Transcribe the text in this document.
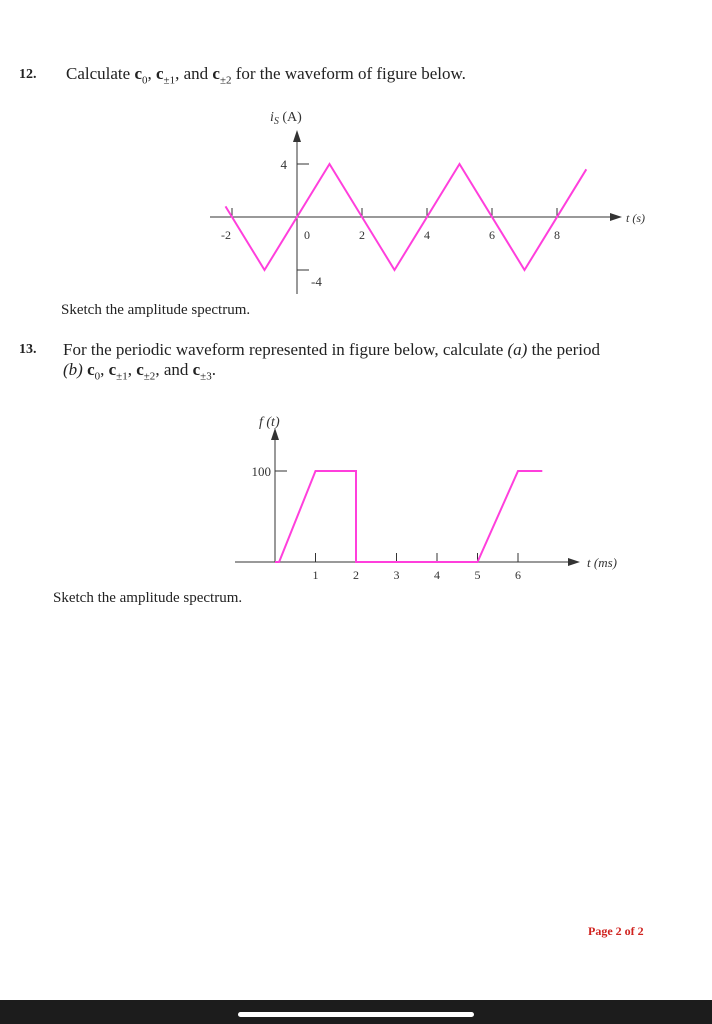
12. Calculate $c_0$, $c_{\pm 1}$, and $c_{\pm 2}$ for the waveform of figure below.
-2	0	2	4	6	8
4
-4
$i_S$ (A)
t (s)
Sketch the amplitude spectrum.
13. For the periodic waveform represented in figure below, calculate (a) the period
(b) $c_0$, $c_{\pm 1}$, $c_{\pm 2}$, and $c_{\pm 3}$.
1	2	3	4	5	6
100
f (t)
t (ms)
Sketch the amplitude spectrum.
Page 2 of 2
